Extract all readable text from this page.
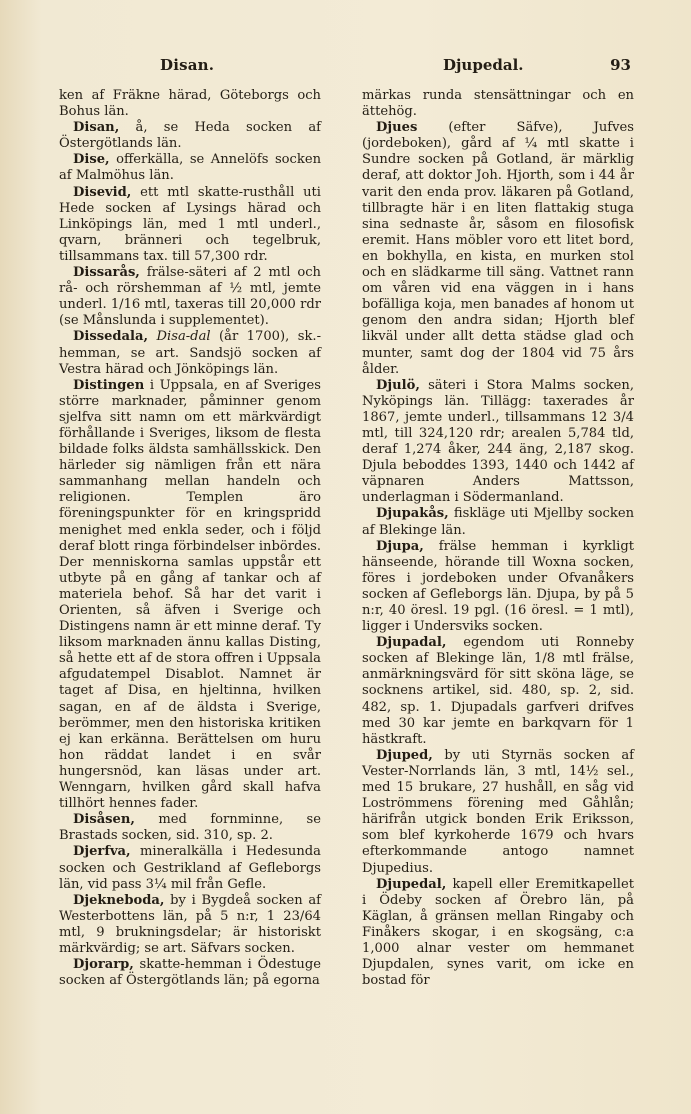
Disan.	Djupedal.	93

ken af Fräkne härad, Göteborgs och Bohus län.

Disan, å, se Heda socken af Östergötlands län.

Dise, offerkälla, se Annelöfs socken af Malmöhus län.

Disevid, ett mtl skatte-rusthåll uti Hede socken af Lysings härad och Linköpings län, med 1 mtl underl., qvarn, bränneri och tegelbruk, tillsammans tax. till 57,300 rdr.

Dissarås, frälse-säteri af 2 mtl och rå- och rörshemman af ½ mtl, jemte underl. 1/16 mtl, taxeras till 20,000 rdr (se Månslunda i supplementet).

Dissedala, Disa-dal (år 1700), sk.-hemman, se art. Sandsjö socken af Vestra härad och Jönköpings län.

Distingen i Uppsala, en af Sveriges större marknader, påminner genom sjelfva sitt namn om ett märkvärdigt förhållande i Sveriges, liksom de flesta bildade folks äldsta samhällsskick. Den härleder sig nämligen från ett nära sammanhang mellan handeln och religionen. Templen äro föreningspunkter för en kringspridd menighet med enkla seder, och i följd deraf blott ringa förbindelser inbördes. Der menniskorna samlas uppstår ett utbyte på en gång af tankar och af materiela behof. Så har det varit i Orienten, så äfven i Sverige och Distingens namn är ett minne deraf. Ty liksom marknaden ännu kallas Disting, så hette ett af de stora offren i Uppsala afgudatempel Disablot. Namnet är taget af Disa, en hjeltinna, hvilken sagan, en af de äldsta i Sverige, berömmer, men den historiska kritiken ej kan erkänna. Berättelsen om huru hon räddat landet i en svår hungersnöd, kan läsas under art. Wenngarn, hvilken gård skall hafva tillhört hennes fader.

Disåsen, med fornminne, se Brastads socken, sid. 310, sp. 2.

Djerfva, mineralkälla i Hedesunda socken och Gestrikland af Gefleborgs län, vid pass 3¼ mil från Gefle.

Djekneboda, by i Bygdeå socken af Westerbottens län, på 5 n:r, 1 23/64 mtl, 9 brukningsdelar; är historiskt märkvärdig; se art. Säfvars socken.

Djorarp, skatte-hemman i Ödestuge socken af Östergötlands län; på egorna

märkas runda stensättningar och en ättehög.

Djues (efter Säfve), Jufves (jordeboken), gård af ¼ mtl skatte i Sundre socken på Gotland, är märklig deraf, att doktor Joh. Hjorth, som i 44 år varit den enda prov. läkaren på Gotland, tillbragte här i en liten flattakig stuga sina sednaste år, såsom en filosofisk eremit. Hans möbler voro ett litet bord, en bokhylla, en kista, en murken stol och en slädkarme till säng. Vattnet rann om våren vid ena väggen in i hans bofälliga koja, men banades af honom ut genom den andra sidan; Hjorth blef likväl under allt detta städse glad och munter, samt dog der 1804 vid 75 års ålder.

Djulö, säteri i Stora Malms socken, Nyköpings län. Tillägg: taxerades år 1867, jemte underl., tillsammans 12 3/4 mtl, till 324,120 rdr; arealen 5,784 tld, deraf 1,274 åker, 244 äng, 2,187 skog. Djula beboddes 1393, 1440 och 1442 af väpnaren Anders Mattsson, underlagman i Södermanland.

Djupakås, fiskläge uti Mjellby socken af Blekinge län.

Djupa, frälse hemman i kyrkligt hänseende, hörande till Woxna socken, föres i jordeboken under Ofvanåkers socken af Gefleborgs län. Djupa, by på 5 n:r, 40 öresl. 19 pgl. (16 öresl. = 1 mtl), ligger i Undersviks socken.

Djupadal, egendom uti Ronneby socken af Blekinge län, 1/8 mtl frälse, anmärkningsvärd för sitt sköna läge, se socknens artikel, sid. 480, sp. 2, sid. 482, sp. 1. Djupadals garfveri drifves med 30 kar jemte en barkqvarn för 1 hästkraft.

Djuped, by uti Styrnäs socken af Vester-Norrlands län, 3 mtl, 14½ sel., med 15 brukare, 27 hushåll, en såg vid Loströmmens förening med Gåhlån; härifrån utgick bonden Erik Eriksson, som blef kyrkoherde 1679 och hvars efterkommande antogo namnet Djupedius.

Djupedal, kapell eller Eremitkapellet i Ödeby socken af Örebro län, på Käglan, å gränsen mellan Ringaby och Finåkers skogar, i en skogsäng, c:a 1,000 alnar vester om hemmanet Djupdalen, synes varit, om icke en bostad för
